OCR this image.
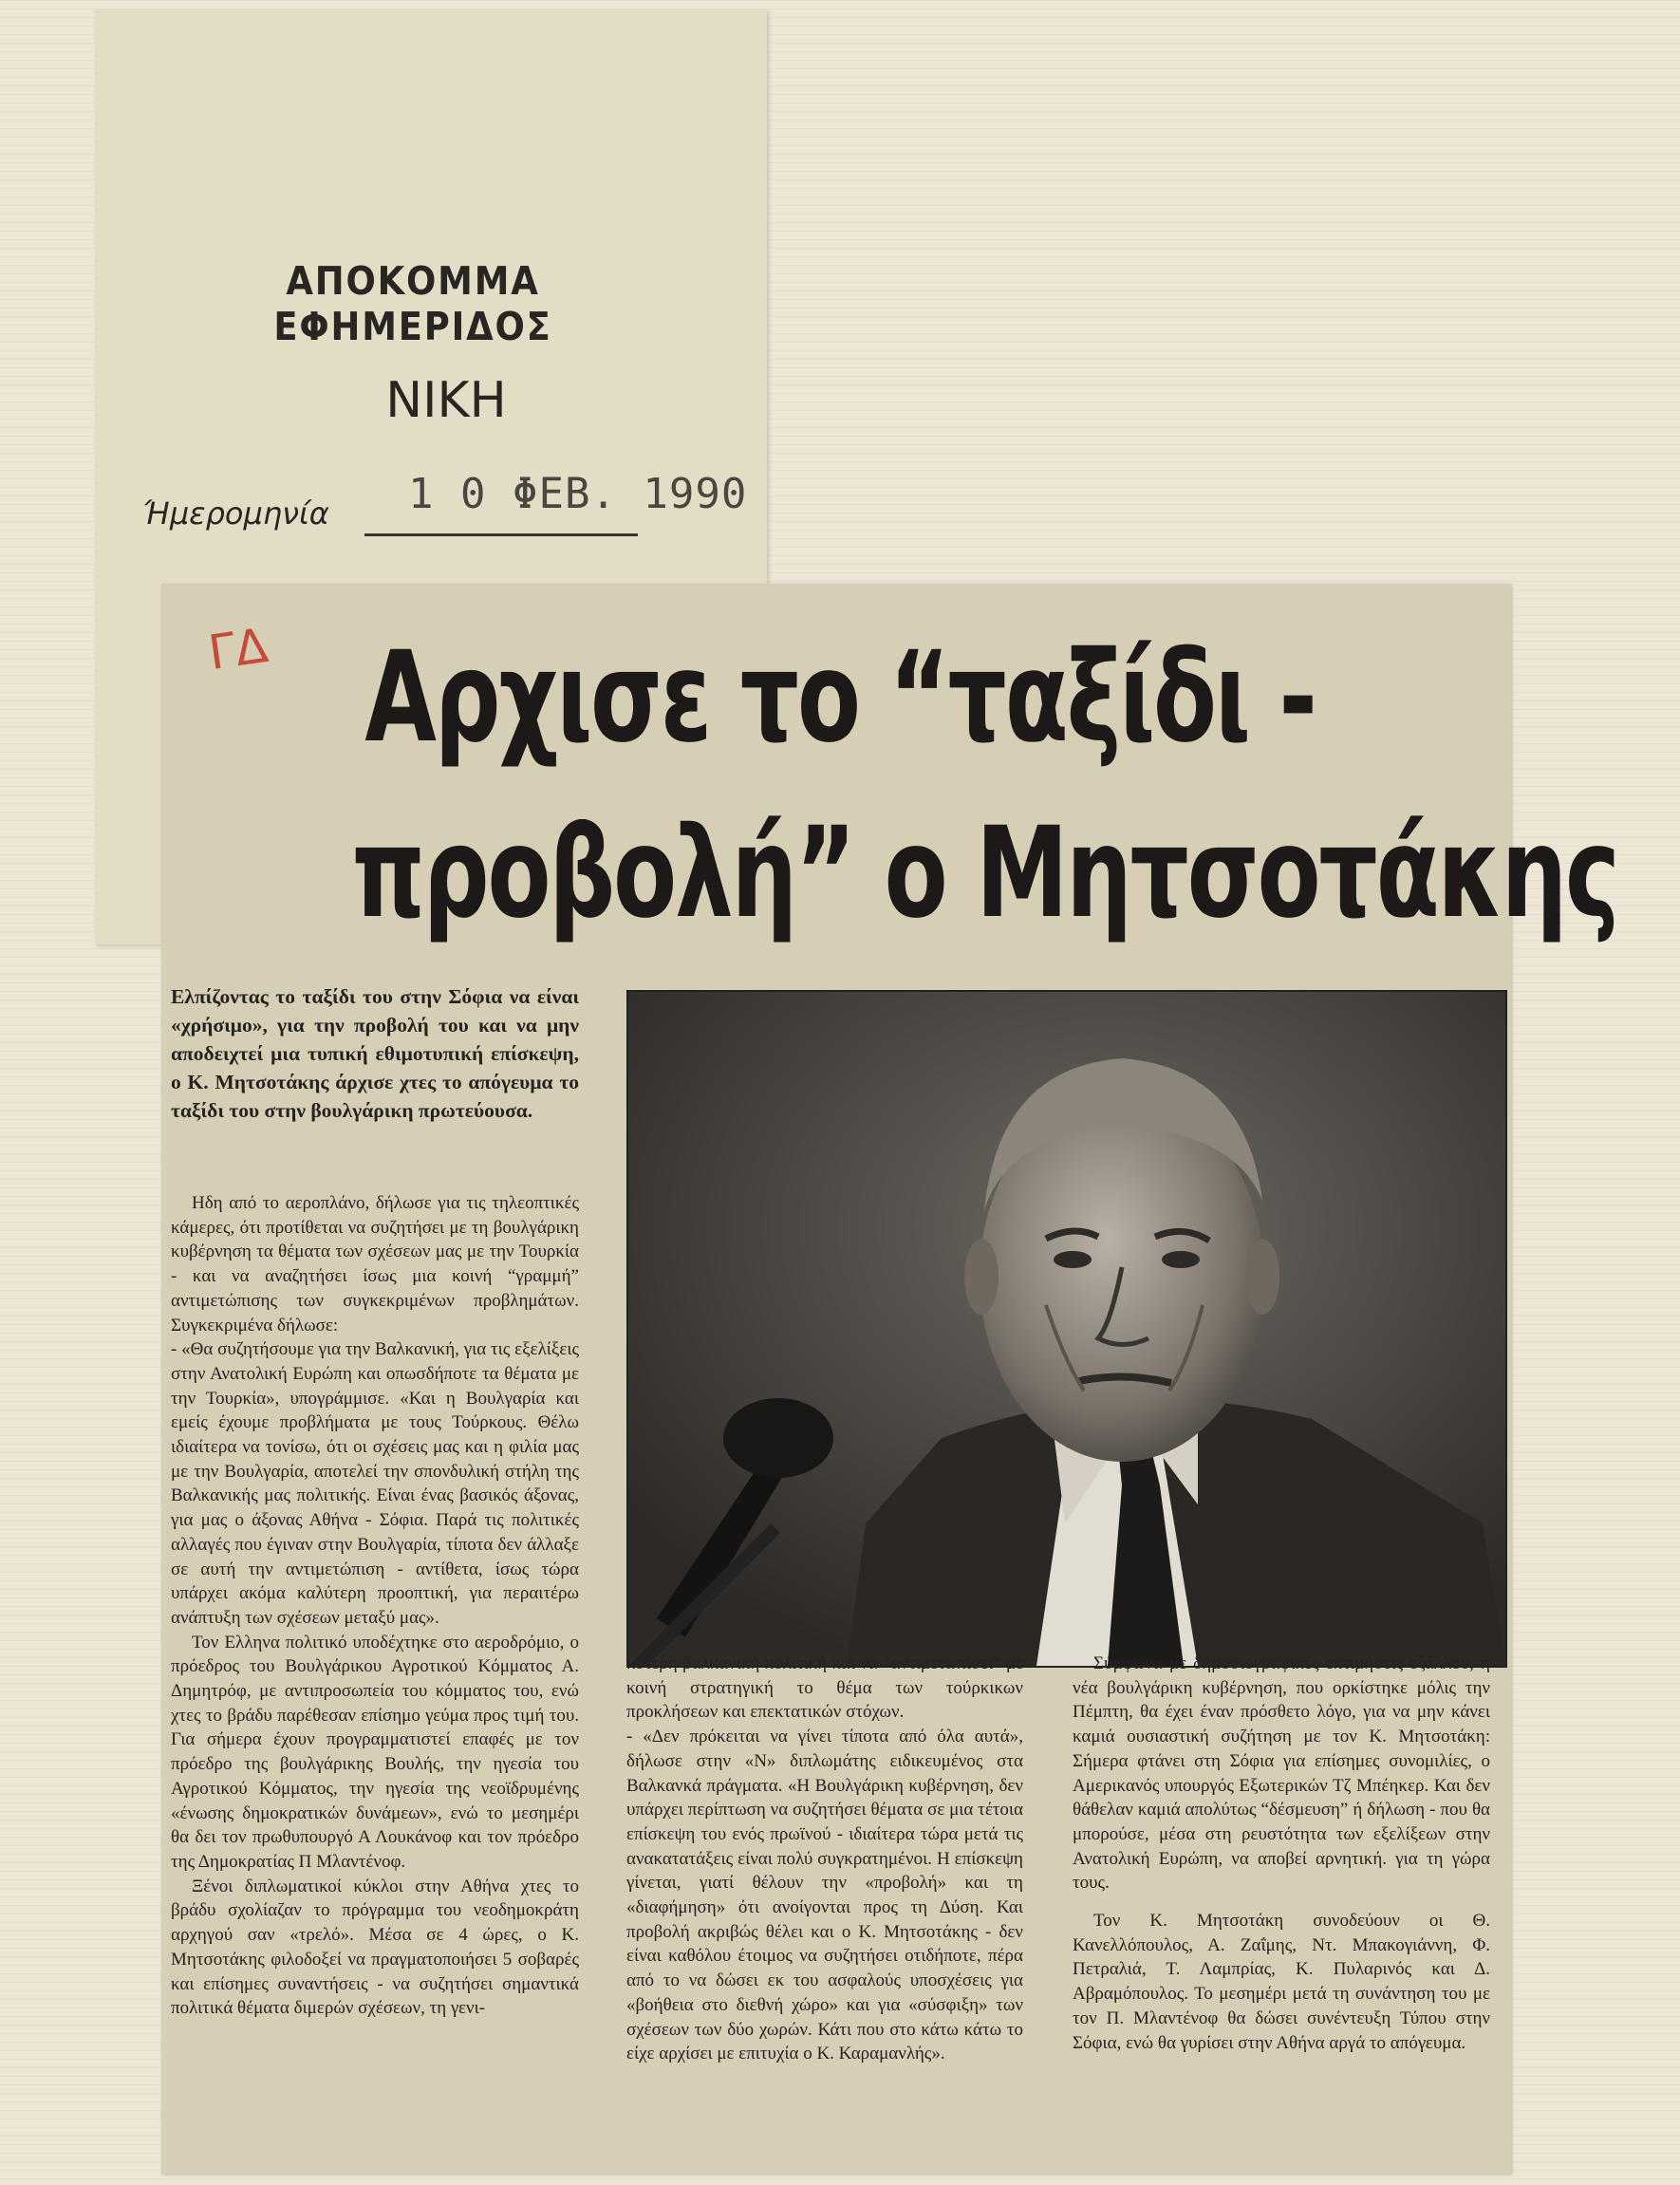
ΑΠΟΚΟΜΜΑ ΕΦΗΜΕΡΙΔΟΣ
ΝΙΚΗ
Ήμερομηνία 1 0 ΦΕΒ. 1990
ΓΔ Αρχισε το “ταξίδι -
προβολή” ο Μητσοτάκης
Ελπίζοντας το ταξίδι του στην Σόφια να είναι «χρήσιμο», για την προβολή του και να μην αποδειχτεί μια τυπική εθιμοτυπική επίσκεψη, ο Κ. Μητσοτάκης άρχισε χτες το απόγευμα το ταξίδι του στην βουλγάρικη πρωτεύουσα.

Ηδη από το αεροπλάνο, δήλωσε για τις τηλεοπτικές κάμερες, ότι προτίθεται να συζητήσει με τη βουλγάρικη κυβέρνηση τα θέματα των σχέσεων μας με την Τουρκία - και να αναζητήσει ίσως μια κοινή “γραμμή” αντιμετώπισης των συγκεκριμένων προβλημάτων. Συγκεκριμένα δήλωσε:

- «Θα συζητήσουμε για την Βαλκανική, για τις εξελίξεις στην Ανατολική Ευρώπη και οπωσδήποτε τα θέματα με την Τουρκία», υπογράμμισε. «Και η Βουλγαρία και εμείς έχουμε προβλήματα με τους Τούρκους. Θέλω ιδιαίτερα να τονίσω, ότι οι σχέσεις μας και η φιλία μας με την Βουλγαρία, αποτελεί την σπονδυλική στήλη της Βαλκανικής μας πολιτικής. Είναι ένας βασικός άξονας, για μας ο άξονας Αθήνα - Σόφια. Παρά τις πολιτικές αλλαγές που έγιναν στην Βουλγαρία, τίποτα δεν άλλαξε σε αυτή την αντιμετώπιση - αντίθετα, ίσως τώρα υπάρχει ακόμα καλύτερη προοπτική, για περαιτέρω ανάπτυξη των σχέσεων μεταξύ μας».

Τον Ελληνα πολιτικό υποδέχτηκε στο αεροδρόμιο, ο πρόεδρος του Βουλγάρικου Αγροτικού Κόμματος Α. Δημητρόφ, με αντιπροσωπεία του κόμματος του, ενώ χτες το βράδυ παρέθεσαν επίσημο γεύμα προς τιμή του. Για σήμερα έχουν προγραμματιστεί επαφές με τον πρόεδρο της βουλγάρικης Βουλής, την ηγεσία του Αγροτικού Κόμματος, την ηγεσία της νεοϊδρυμένης «ένωσης δημοκρατικών δυνάμεων», ενώ το μεσημέρι θα δει τον πρωθυπουργό Α Λουκάνοφ και τον πρόεδρο της Δημοκρατίας Π Μλαντένοφ.

Ξένοι διπλωματικοί κύκλοι στην Αθήνα χτες το βράδυ σχολίαζαν το πρόγραμμα του νεοδημοκράτη αρχηγού σαν «τρελό». Μέσα σε 4 ώρες, ο Κ. Μητσοτάκης φιλοδοξεί να πραγματοποιήσει 5 σοβαρές και επίσημες συναντήσεις - να συζητήσει σημαντικά πολιτικά θέματα διμερών σχέσεων, τη γενι-

κότερη βαλκανική πολιτική και να “αντιμετωπίσει” με κοινή στρατηγική το θέμα των τούρκικων προκλήσεων και επεκτατικών στόχων.

- «Δεν πρόκειται να γίνει τίποτα από όλα αυτά», δήλωσε στην «Ν» διπλωμάτης ειδικευμένος στα Βαλκανκά πράγματα. «Η Βουλγάρικη κυβέρνηση, δεν υπάρχει περίπτωση να συζητήσει θέματα σε μια τέτοια επίσκεψη του ενός πρωϊνού - ιδιαίτερα τώρα μετά τις ανακατατάξεις είναι πολύ συγκρατημένοι. Η επίσκεψη γίνεται, γιατί θέλουν την «προβολή» και τη «διαφήμηση» ότι ανοίγονται προς τη Δύση. Και προβολή ακριβώς θέλει και ο Κ. Μητσοτάκης - δεν είναι καθόλου έτοιμος να συζητήσει οτιδήποτε, πέρα από το να δώσει εκ του ασφαλούς υποσχέσεις για «βοήθεια στο διεθνή χώρο» και για «σύσφιξη» των σχέσεων των δύο χωρών. Κάτι που στο κάτω κάτω το είχε αρχίσει με επιτυχία ο Κ. Καραμανλής».

Σύμφωνα με δημοσιογραφικές εκτιμήσεις εξάλλου, η νέα βουλγάρικη κυβέρνηση, που ορκίστηκε μόλις την Πέμπτη, θα έχει έναν πρόσθετο λόγο, για να μην κάνει καμιά ουσιαστική συζήτηση με τον Κ. Μητσοτάκη: Σήμερα φτάνει στη Σόφια για επίσημες συνομιλίες, ο Αμερικανός υπουργός Εξωτερικών Τζ Μπέηκερ. Και δεν θάθελαν καμιά απολύτως “δέσμευση” ή δήλωση - που θα μπορούσε, μέσα στη ρευστότητα των εξελίξεων στην Ανατολική Ευρώπη, να αποβεί αρνητική. για τη γώρα τους.

Τον Κ. Μητσοτάκη συνοδεύουν οι Θ. Κανελλόπουλος, Α. Ζαΐμης, Ντ. Μπακογιάννη, Φ. Πετραλιά, Τ. Λαμπρίας, Κ. Πυλαρινός και Δ. Αβραμόπουλος. Το μεσημέρι μετά τη συνάντηση του με τον Π. Μλαντένοφ θα δώσει συνέντευξη Τύπου στην Σόφια, ενώ θα γυρίσει στην Αθήνα αργά το απόγευμα.
